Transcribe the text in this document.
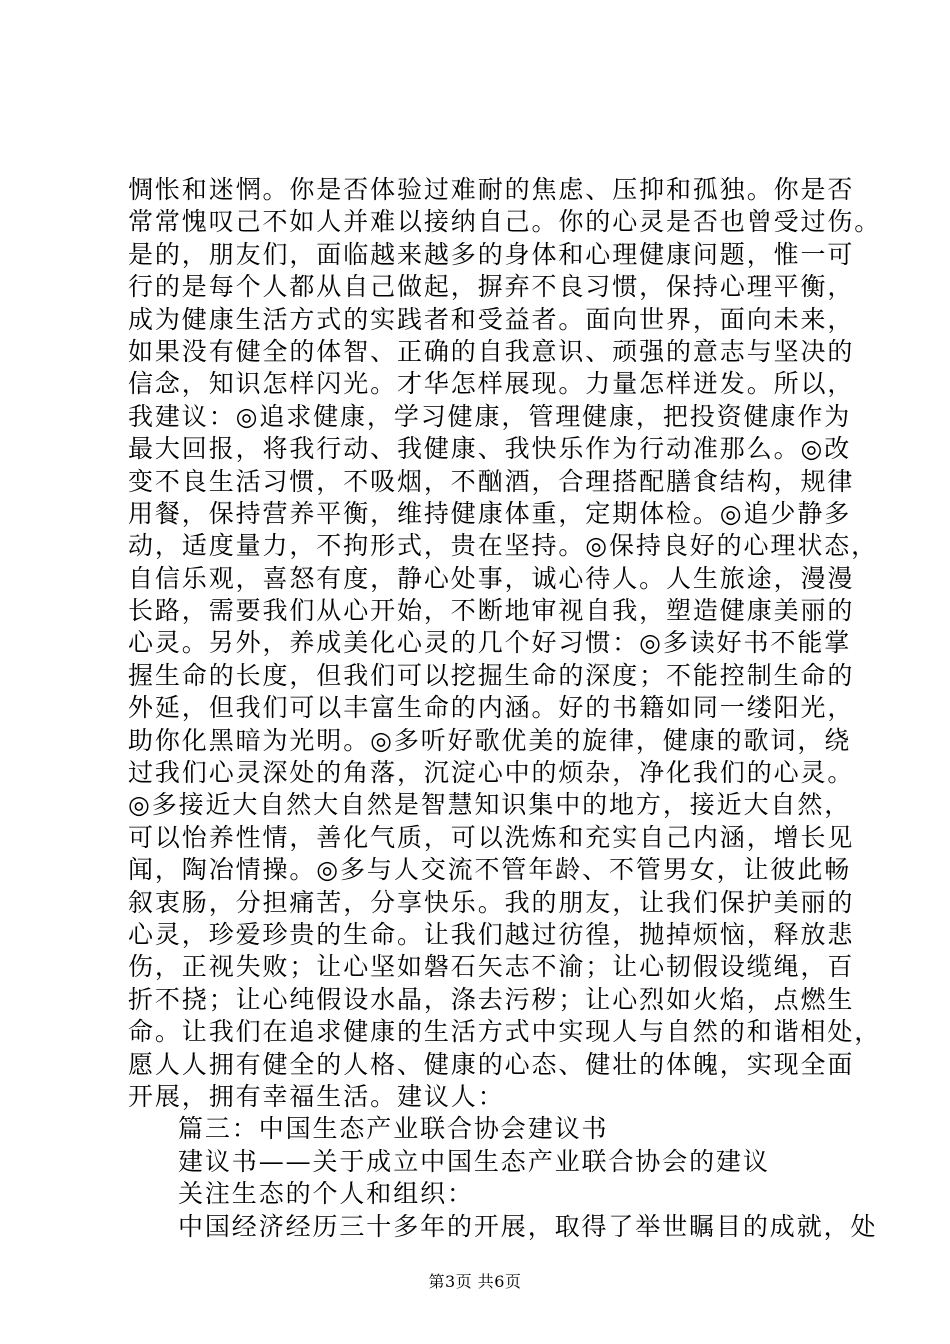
惆怅和迷惘。你是否体验过难耐的焦虑、压抑和孤独。你是否
常常愧叹己不如人并难以接纳自己。你的心灵是否也曾受过伤。
是的，朋友们，面临越来越多的身体和心理健康问题，惟一可
行的是每个人都从自己做起，摒弃不良习惯，保持心理平衡，
成为健康生活方式的实践者和受益者。面向世界，面向未来，
如果没有健全的体智、正确的自我意识、顽强的意志与坚决的
信念，知识怎样闪光。才华怎样展现。力量怎样迸发。所以，
我建议：◎追求健康，学习健康，管理健康，把投资健康作为
最大回报，将我行动、我健康、我快乐作为行动准那么。◎改
变不良生活习惯，不吸烟，不酗酒，合理搭配膳食结构，规律
用餐，保持营养平衡，维持健康体重，定期体检。◎追少静多
动，适度量力，不拘形式，贵在坚持。◎保持良好的心理状态，
自信乐观，喜怒有度，静心处事，诚心待人。人生旅途，漫漫
长路，需要我们从心开始，不断地审视自我，塑造健康美丽的
心灵。另外，养成美化心灵的几个好习惯：◎多读好书不能掌
握生命的长度，但我们可以挖掘生命的深度；不能控制生命的
外延，但我们可以丰富生命的内涵。好的书籍如同一缕阳光，
助你化黑暗为光明。◎多听好歌优美的旋律，健康的歌词，绕
过我们心灵深处的角落，沉淀心中的烦杂，净化我们的心灵。
◎多接近大自然大自然是智慧知识集中的地方，接近大自然，
可以怡养性情，善化气质，可以洗炼和充实自己内涵，增长见
闻，陶冶情操。◎多与人交流不管年龄、不管男女，让彼此畅
叙衷肠，分担痛苦，分享快乐。我的朋友，让我们保护美丽的
心灵，珍爱珍贵的生命。让我们越过彷徨，抛掉烦恼，释放悲
伤，正视失败；让心坚如磐石矢志不渝；让心韧假设缆绳，百
折不挠；让心纯假设水晶，涤去污秽；让心烈如火焰，点燃生
命。让我们在追求健康的生活方式中实现人与自然的和谐相处，
愿人人拥有健全的人格、健康的心态、健壮的体魄，实现全面
开展，拥有幸福生活。建议人：
篇三：中国生态产业联合协会建议书
建议书——关于成立中国生态产业联合协会的建议
关注生态的个人和组织：
中国经济经历三十多年的开展，取得了举世瞩目的成就，处
第3页 共6页
